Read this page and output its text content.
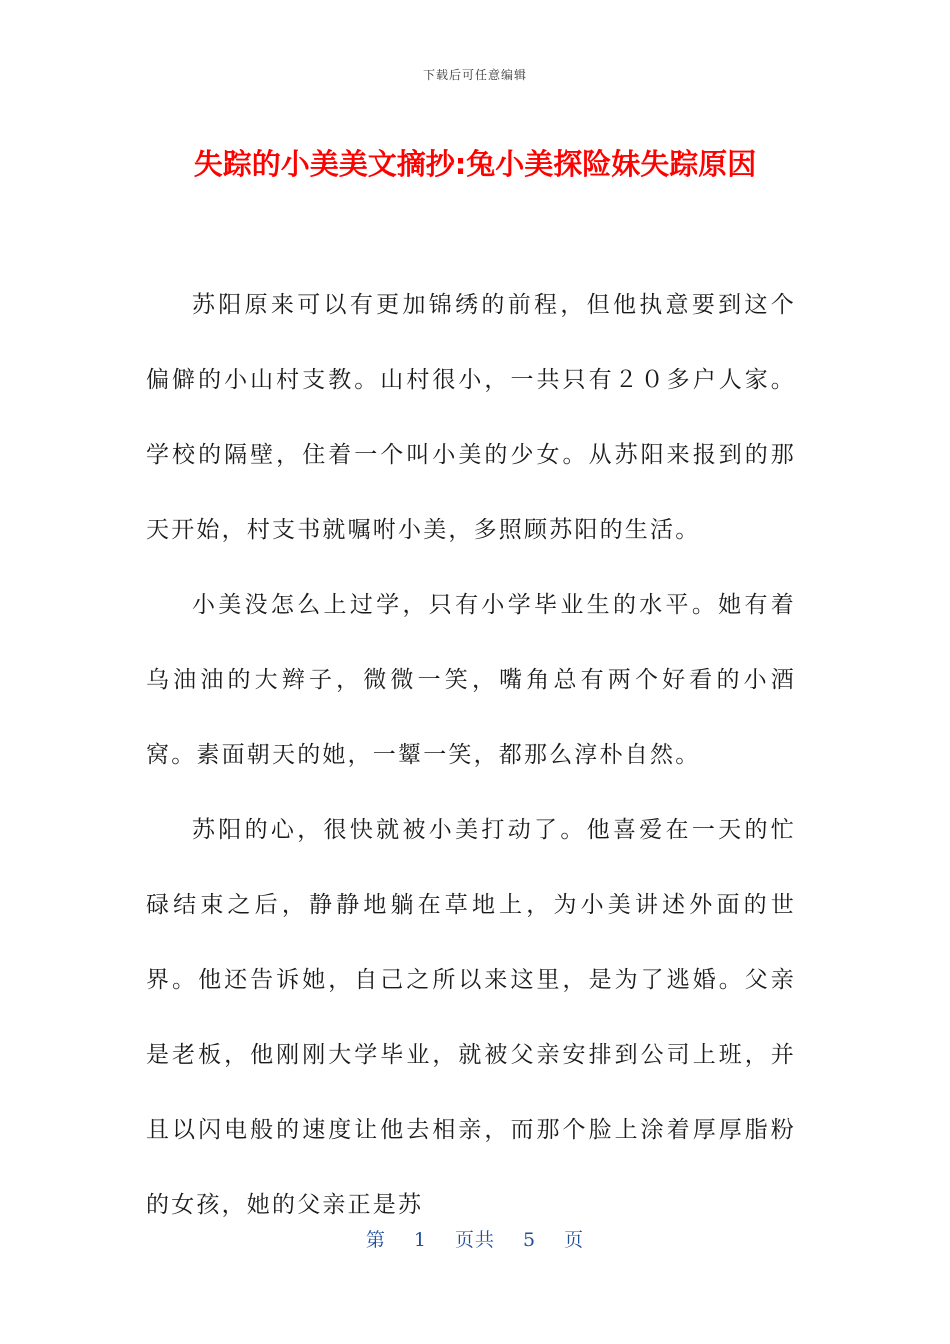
下载后可任意编辑
失踪的小美美文摘抄:兔小美探险妹失踪原因

苏阳原来可以有更加锦绣的前程，但他执意要到这个偏僻的小山村支教。山村很小，一共只有２０多户人家。学校的隔壁，住着一个叫小美的少女。从苏阳来报到的那天开始，村支书就嘱咐小美，多照顾苏阳的生活。

小美没怎么上过学，只有小学毕业生的水平。她有着乌油油的大辫子，微微一笑，嘴角总有两个好看的小酒窝。素面朝天的她，一颦一笑，都那么淳朴自然。

苏阳的心，很快就被小美打动了。他喜爱在一天的忙碌结束之后，静静地躺在草地上，为小美讲述外面的世界。他还告诉她，自己之所以来这里，是为了逃婚。父亲是老板，他刚刚大学毕业，就被父亲安排到公司上班，并且以闪电般的速度让他去相亲，而那个脸上涂着厚厚脂粉的女孩，她的父亲正是苏

第 1 页共 5 页
